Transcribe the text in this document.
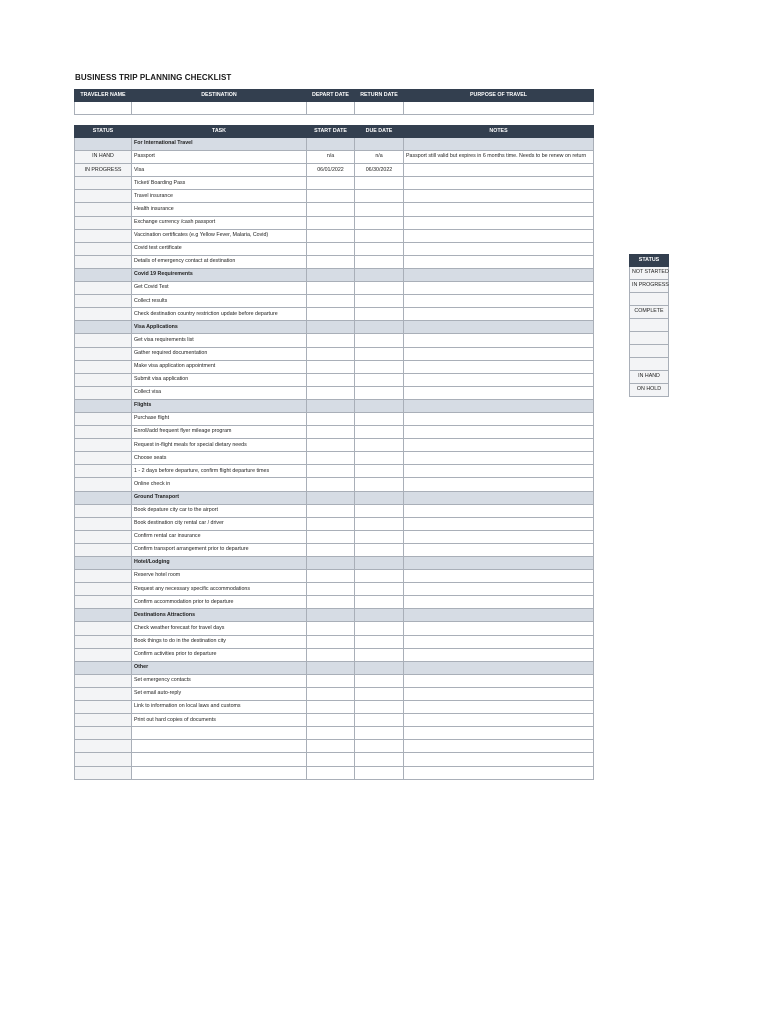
BUSINESS TRIP PLANNING CHECKLIST
TRAVELER NAME	DESTINATION	DEPART DATE	RETURN DATE	PURPOSE OF TRAVEL

STATUS	TASK	START DATE	DUE DATE	NOTES
	For International Travel			
IN HAND	Passport	n/a	n/a	Passport still valid but expires in 6 months time. Needs to be renew on return
IN PROGRESS	Visa	06/01/2022	06/30/2022	
	Ticket/ Boarding Pass			
	Travel insurance			
	Health insurance			
	Exchange currency /cash passport			
	Vaccination certificates (e.g Yellow Fever, Malaria, Covid)			
	Covid test certificate			
	Details of emergency contact at destination			
	Covid 19 Requirements			
	Get Covid Test			
	Collect results			
	Check destination country restriction update before departure			
	Visa Applications			
	Get visa requirements list			
	Gather required documentation			
	Make visa application appointment			
	Submit visa application			
	Collect visa			
	Flights			
	Purchase flight			
	Enroll/add frequent flyer mileage program			
	Request in-flight meals for special dietary needs			
	Choose seats			
	1 - 2 days before departure, confirm flight departure times			
	Online check in			
	Ground Transport			
	Book depature city car to the airport			
	Book destination city rental car / driver			
	Confirm rental car insurance			
	Confirm transport arrangement prior to departure			
	Hotel/Lodging			
	Reserve hotel room			
	Request any necessary specific accommodations			
	Confirm accommodation prior to departure			
	Destinations Attractions			
	Check weather forecast for travel days			
	Book things to do in the destination city			
	Confirm activities prior to departure			
	Other			
	Set emergency contacts			
	Set email auto-reply			
	Link to information on local laws and customs			
	Print out hard copies of documents			

STATUS
NOT STARTED
IN PROGRESS

COMPLETE

IN HAND
ON HOLD
